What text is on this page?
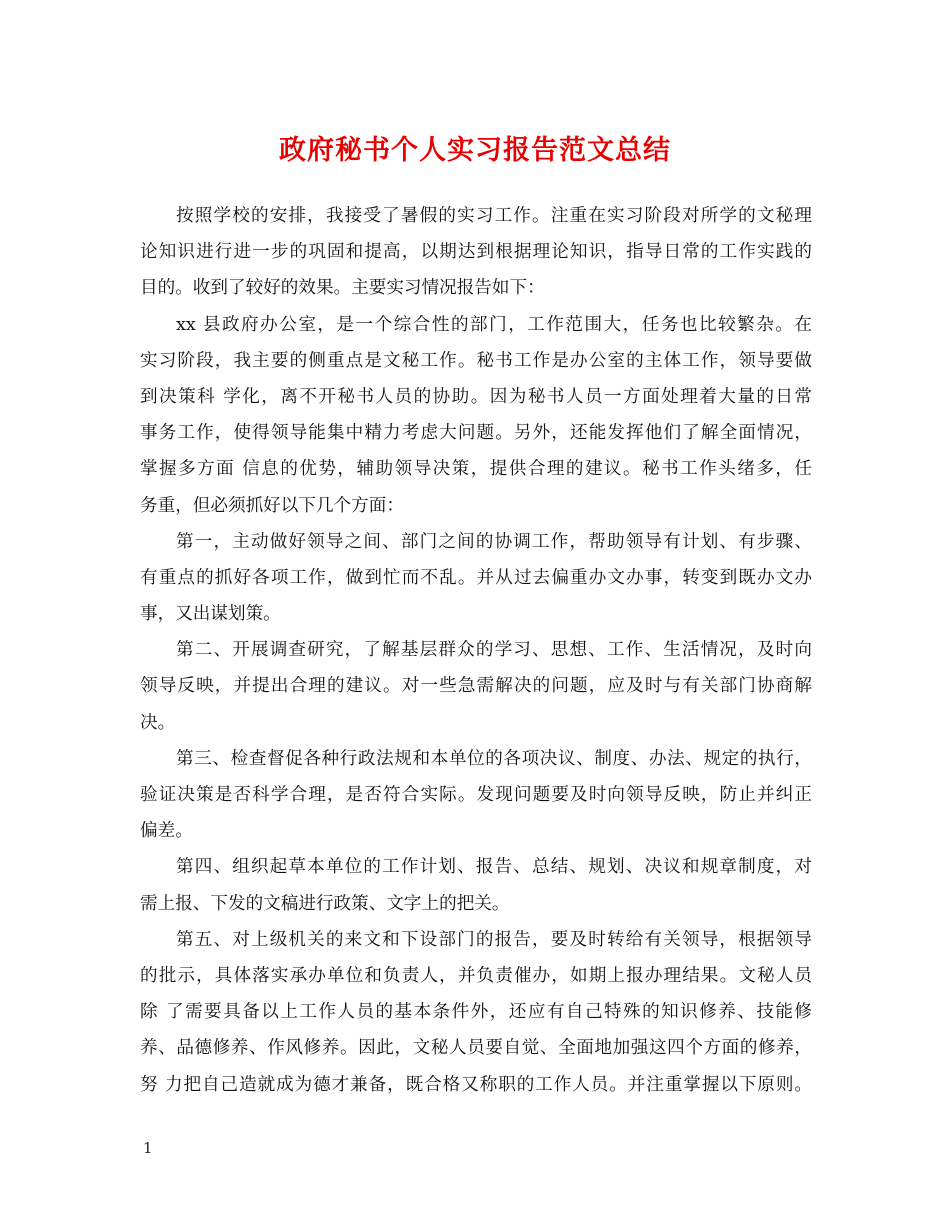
政府秘书个人实习报告范文总结
按照学校的安排，我接受了暑假的实习工作。注重在实习阶段对所学的文秘理
论知识进行进一步的巩固和提高，以期达到根据理论知识，指导日常的工作实践的
目的。收到了较好的效果。主要实习情况报告如下：
xx 县政府办公室，是一个综合性的部门，工作范围大，任务也比较繁杂。在
实习阶段，我主要的侧重点是文秘工作。秘书工作是办公室的主体工作，领导要做
到决策科 学化，离不开秘书人员的协助。因为秘书人员一方面处理着大量的日常
事务工作，使得领导能集中精力考虑大问题。另外，还能发挥他们了解全面情况，
掌握多方面 信息的优势，辅助领导决策，提供合理的建议。秘书工作头绪多，任
务重，但必须抓好以下几个方面：
第一，主动做好领导之间、部门之间的协调工作，帮助领导有计划、有步骤、
有重点的抓好各项工作，做到忙而不乱。并从过去偏重办文办事，转变到既办文办
事，又出谋划策。
第二、开展调查研究，了解基层群众的学习、思想、工作、生活情况，及时向
领导反映，并提出合理的建议。对一些急需解决的问题，应及时与有关部门协商解
决。
第三、检查督促各种行政法规和本单位的各项决议、制度、办法、规定的执行，
验证决策是否科学合理，是否符合实际。发现问题要及时向领导反映，防止并纠正
偏差。
第四、组织起草本单位的工作计划、报告、总结、规划、决议和规章制度，对
需上报、下发的文稿进行政策、文字上的把关。
第五、对上级机关的来文和下设部门的报告，要及时转给有关领导，根据领导
的批示，具体落实承办单位和负责人，并负责催办，如期上报办理结果。文秘人员
除 了需要具备以上工作人员的基本条件外，还应有自己特殊的知识修养、技能修
养、品德修养、作风修养。因此，文秘人员要自觉、全面地加强这四个方面的修养，
努 力把自己造就成为德才兼备，既合格又称职的工作人员。并注重掌握以下原则。
1
